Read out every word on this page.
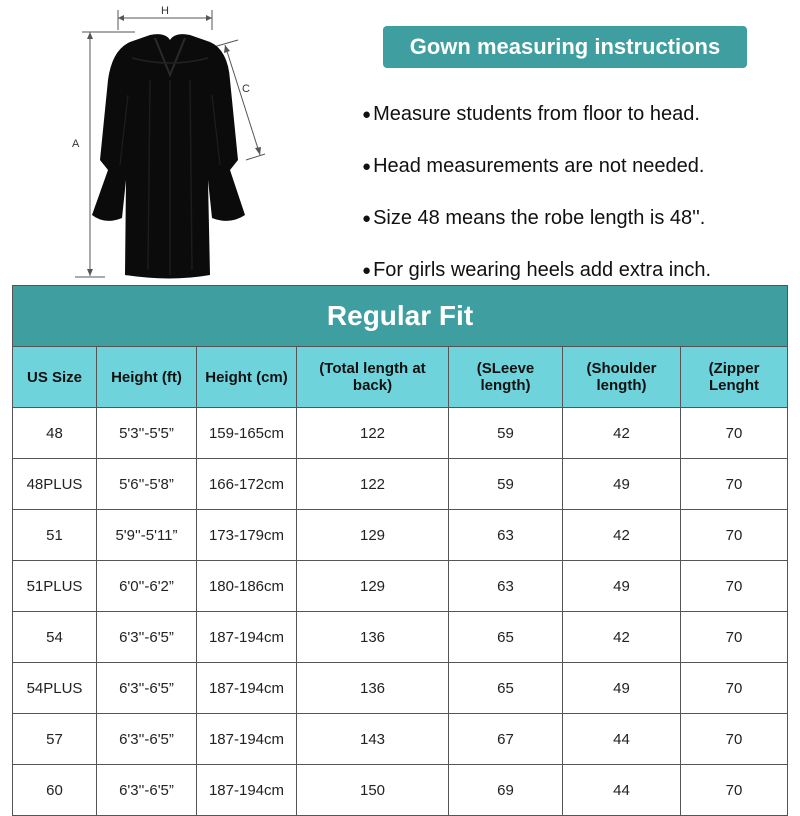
H
C
A
Gown measuring instructions
● Measure students from floor to head.
● Head measurements are not needed.
● Size 48 means the robe length is 48''.
● For girls wearing heels add extra inch.
Regular Fit						
US Size	Height (ft)	Height (cm)	(Total length at back)	(SLeeve length)	(Shoulder length)	(Zipper Lenght
48	5'3''-5'5”	159-165cm	122	59	42	70
48PLUS	5'6''-5'8”	166-172cm	122	59	49	70
51	5'9''-5'11”	173-179cm	129	63	42	70
51PLUS	6'0''-6'2”	180-186cm	129	63	49	70
54	6'3''-6'5”	187-194cm	136	65	42	70
54PLUS	6'3''-6'5”	187-194cm	136	65	49	70
57	6'3''-6'5”	187-194cm	143	67	44	70
60	6'3''-6'5”	187-194cm	150	69	44	70
